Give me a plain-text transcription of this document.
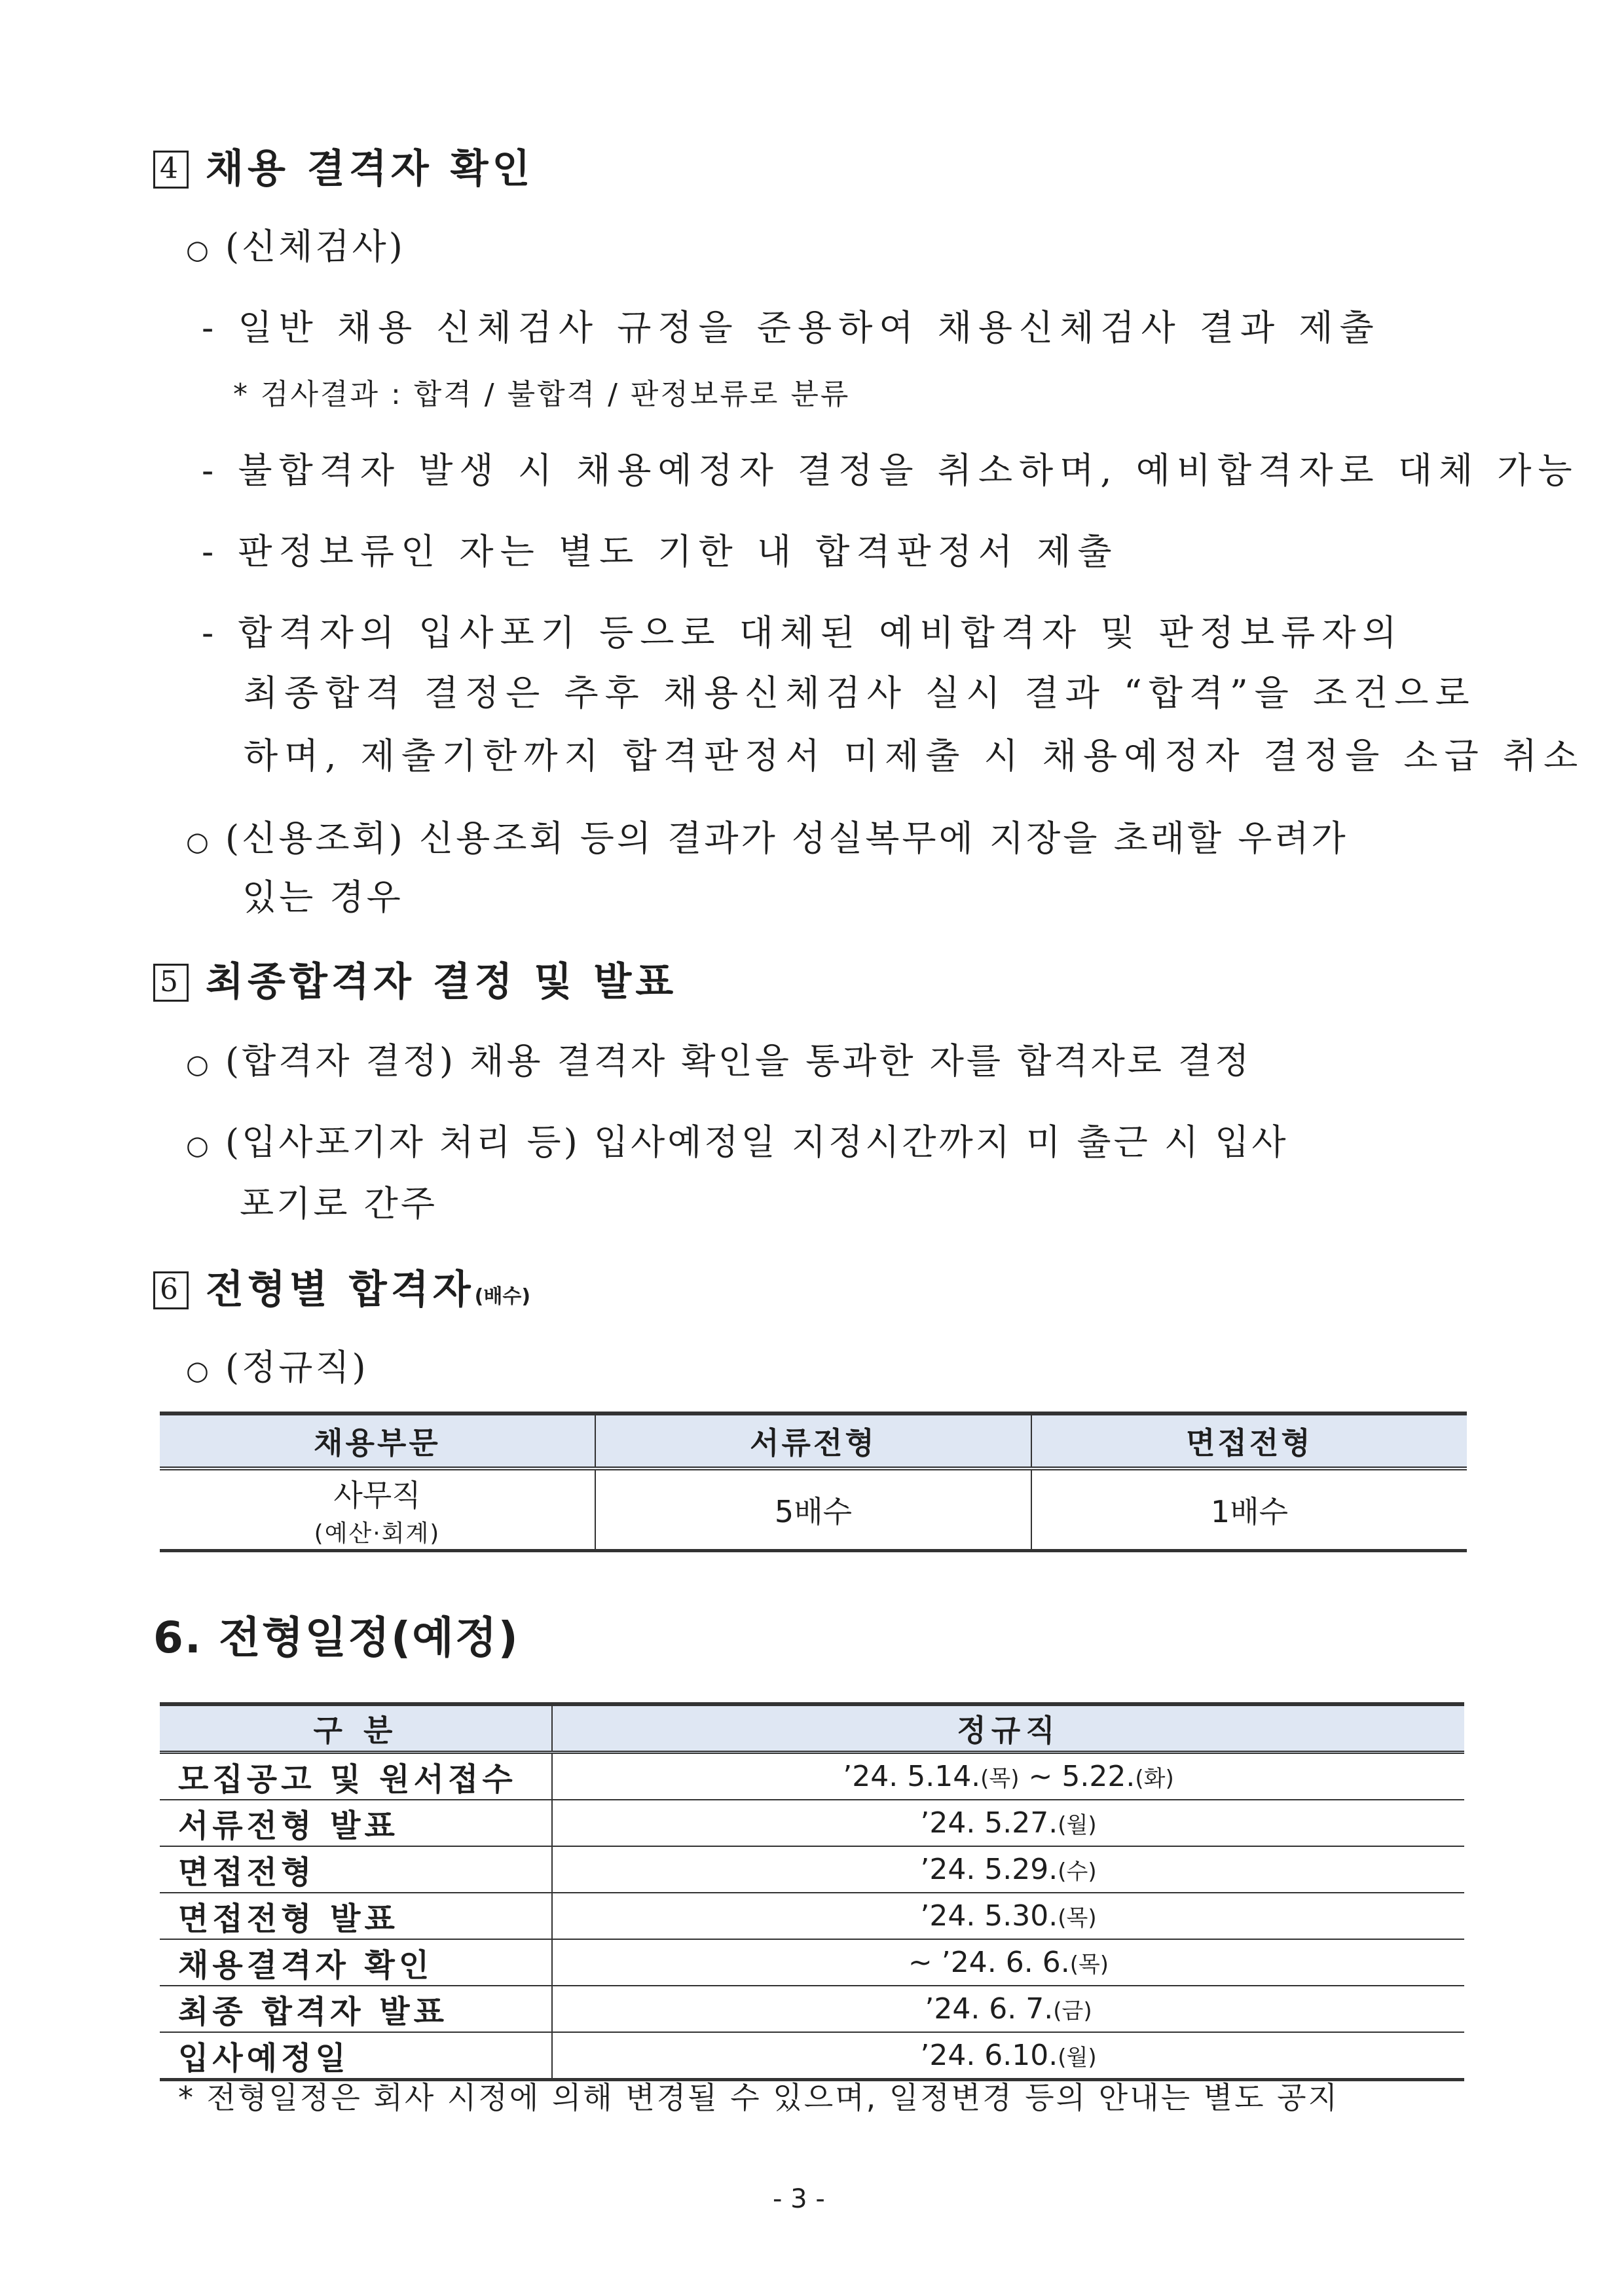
4 채용 결격자 확인
○ (신체검사)
- 일반 채용 신체검사 규정을 준용하여 채용신체검사 결과 제출
* 검사결과 : 합격 / 불합격 / 판정보류로 분류
- 불합격자 발생 시 채용예정자 결정을 취소하며, 예비합격자로 대체 가능
- 판정보류인 자는 별도 기한 내 합격판정서 제출
- 합격자의 입사포기 등으로 대체된 예비합격자 및 판정보류자의
최종합격 결정은 추후 채용신체검사 실시 결과 “합격”을 조건으로
하며, 제출기한까지 합격판정서 미제출 시 채용예정자 결정을 소급 취소
○ (신용조회) 신용조회 등의 결과가 성실복무에 지장을 초래할 우려가
있는 경우
5 최종합격자 결정 및 발표
○ (합격자 결정) 채용 결격자 확인을 통과한 자를 합격자로 결정
○ (입사포기자 처리 등) 입사예정일 지정시간까지 미 출근 시 입사
포기로 간주
6 전형별 합격자(배수)
○ (정규직)
채용부문	서류전형	면접전형
사무직
(예산·회계)	5배수	1배수
6. 전형일정(예정)
구 분	정규직
모집공고 및 원서접수	’24. 5.14.(목) ~ 5.22.(화)
서류전형 발표	’24. 5.27.(월)
면접전형	’24. 5.29.(수)
면접전형 발표	’24. 5.30.(목)
채용결격자 확인	~ ’24. 6. 6.(목)
최종 합격자 발표	’24. 6. 7.(금)
입사예정일	’24. 6.10.(월)
* 전형일정은 회사 시정에 의해 변경될 수 있으며, 일정변경 등의 안내는 별도 공지
- 3 -
